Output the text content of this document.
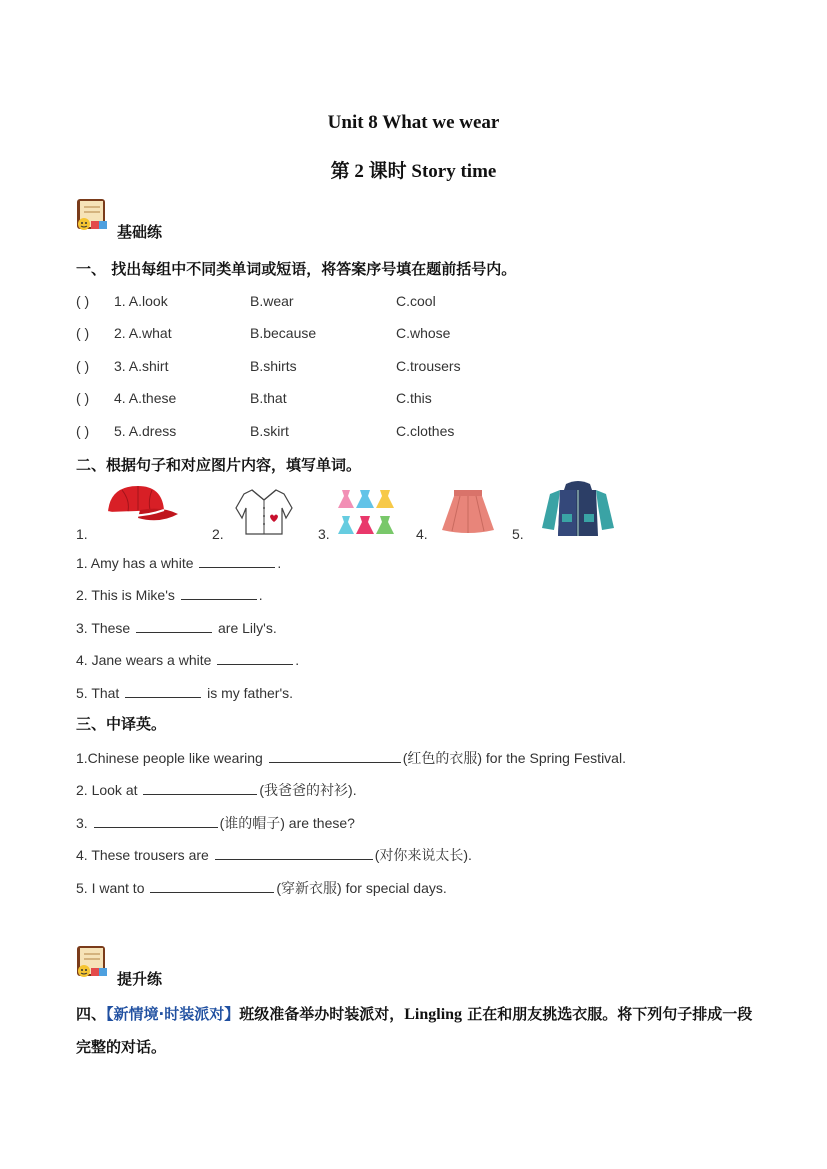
Unit 8 What we wear
第 2 课时 Story time
基础练
一、 找出每组中不同类单词或短语，将答案序号填在题前括号内。
( ) 1. A.look	B.wear	C.cool
( ) 2. A.what	B.because	C.whose
( ) 3. A.shirt	B.shirts	C.trousers
( ) 4. A.these	B.that	C.this
( ) 5. A.dress	B.skirt	C.clothes
二、根据句子和对应图片内容，填写单词。
1.	2.	3.	4.	5.
1. Amy has a white	.
2. This is Mike's	.
3. These	are Lily's.
4. Jane wears a white	.
5. That	is my father's.
三、中译英。
1.Chinese people like wearing	(红色的衣服) for the Spring Festival.
2. Look at	(我爸爸的衬衫).
3.	(谁的帽子) are these?
4. These trousers are	(对你来说太长).
5. I want to	(穿新衣服) for special days.
提升练
四、【新情境·时装派对】班级准备举办时装派对，Lingling 正在和朋友挑选衣服。将下列句子排成一段完整的对话。
